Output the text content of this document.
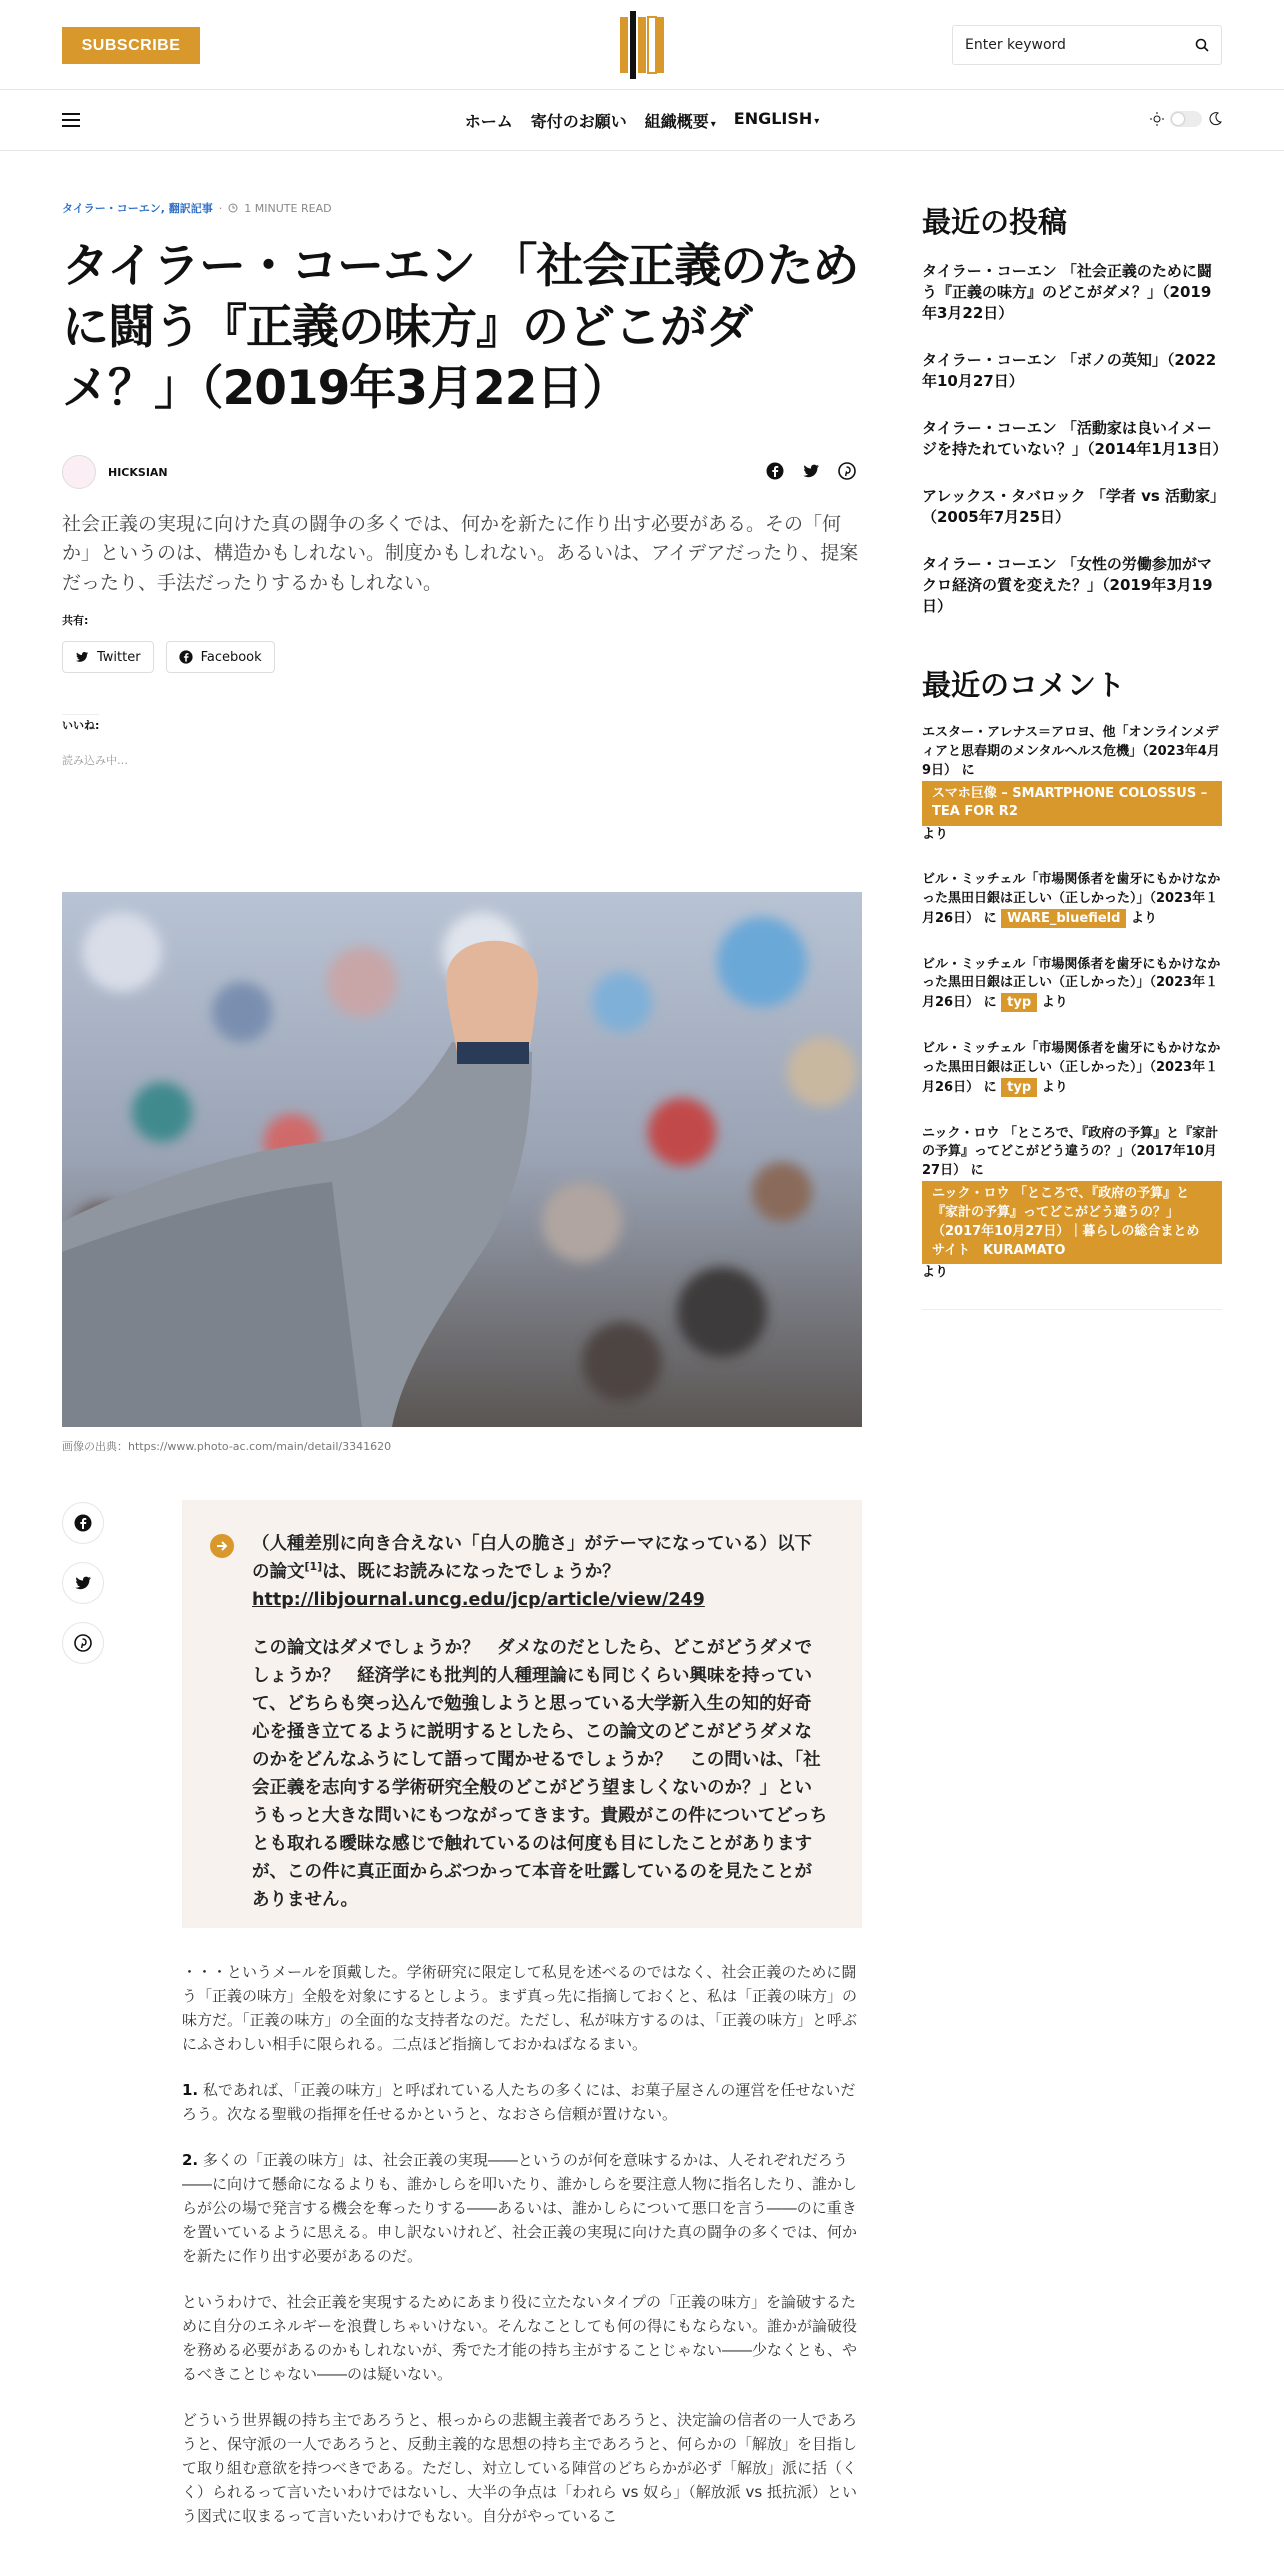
SUBSCRIBE	Enter keyword
ホーム 寄付のお願い 組織概要 ▾ ENGLISH ▾
タイラー・コーエン, 翻訳記事 · 1 MINUTE READ
タイラー・コーエン 「社会正義のために闘う『正義の味方』のどこがダメ？」（2019年3月22日）
HICKSIAN

社会正義の実現に向けた真の闘争の多くでは、何かを新たに作り出す必要がある。その「何か」というのは、構造かもしれない。制度かもしれない。あるいは、アイデアだったり、提案だったり、手法だったりするかもしれない。

共有:
Twitter	Facebook
いいね:
読み込み中…
画像の出典：https://www.photo-ac.com/main/detail/3341620

（人種差別に向き合えない「白人の脆さ」がテーマになっている）以下の論文[1]は、既にお読みになったでしょうか？
http://libjournal.uncg.edu/jcp/article/view/249

この論文はダメでしょうか？　ダメなのだとしたら、どこがどうダメでしょうか？　経済学にも批判的人種理論にも同じくらい興味を持っていて、どちらも突っ込んで勉強しようと思っている大学新入生の知的好奇心を掻き立てるように説明するとしたら、この論文のどこがどうダメなのかをどんなふうにして語って聞かせるでしょうか？　この問いは、「社会正義を志向する学術研究全般のどこがどう望ましくないのか？」というもっと大きな問いにもつながってきます。貴殿がこの件についてどっちとも取れる曖昧な感じで触れているのは何度も目にしたことがありますが、この件に真正面からぶつかって本音を吐露しているのを見たことがありません。

・・・というメールを頂戴した。学術研究に限定して私見を述べるのではなく、社会正義のために闘う「正義の味方」全般を対象にするとしよう。まず真っ先に指摘しておくと、私は「正義の味方」の味方だ。「正義の味方」の全面的な支持者なのだ。ただし、私が味方するのは、「正義の味方」と呼ぶにふさわしい相手に限られる。二点ほど指摘しておかねばなるまい。

1. 私であれば、「正義の味方」と呼ばれている人たちの多くには、お菓子屋さんの運営を任せないだろう。次なる聖戦の指揮を任せるかというと、なおさら信頼が置けない。

2. 多くの「正義の味方」は、社会正義の実現――というのが何を意味するかは、人それぞれだろう――に向けて懸命になるよりも、誰かしらを叩いたり、誰かしらを要注意人物に指名したり、誰かしらが公の場で発言する機会を奪ったりする――あるいは、誰かしらについて悪口を言う――のに重きを置いているように思える。申し訳ないけれど、社会正義の実現に向けた真の闘争の多くでは、何かを新たに作り出す必要があるのだ。

というわけで、社会正義を実現するためにあまり役に立たないタイプの「正義の味方」を論破するために自分のエネルギーを浪費しちゃいけない。そんなことしても何の得にもならない。誰かが論破役を務める必要があるのかもしれないが、秀でた才能の持ち主がすることじゃない――少なくとも、やるべきことじゃない――のは疑いない。

どういう世界観の持ち主であろうと、根っからの悲観主義者であろうと、決定論の信者の一人であろうと、保守派の一人であろうと、反動主義的な思想の持ち主であろうと、何らかの「解放」を目指して取り組む意欲を持つべきである。ただし、対立している陣営のどちらかが必ず「解放」派に括（くく）られるって言いたいわけではないし、大半の争点は「われら vs 奴ら」（解放派 vs 抵抗派）という図式に収まるって言いたいわけでもない。自分がやっているこ

最近の投稿
タイラー・コーエン 「社会正義のために闘う『正義の味方』のどこがダメ？」（2019年3月22日）
タイラー・コーエン 「ボノの英知」（2022年10月27日）
タイラー・コーエン 「活動家は良いイメージを持たれていない？」（2014年1月13日）
アレックス・タバロック 「学者 vs 活動家」（2005年7月25日）
タイラー・コーエン 「女性の労働参加がマクロ経済の質を変えた？」（2019年3月19日）
最近のコメント
エスター・アレナス＝アロヨ、他「オンラインメディアと思春期のメンタルヘルス危機」（2023年4月9日） に
スマホ巨像 – SMARTPHONE COLOSSUS – TEA FOR R2
より
ビル・ミッチェル「市場関係者を歯牙にもかけなかった黒田日銀は正しい（正しかった）」（2023年１月26日） に WARE_bluefield より
ビル・ミッチェル「市場関係者を歯牙にもかけなかった黒田日銀は正しい（正しかった）」（2023年１月26日） に typ より
ビル・ミッチェル「市場関係者を歯牙にもかけなかった黒田日銀は正しい（正しかった）」（2023年１月26日） に typ より
ニック・ロウ 「ところで、『政府の予算』と『家計の予算』ってどこがどう違うの？」（2017年10月27日） に
ニック・ロウ 「ところで、『政府の予算』と『家計の予算』ってどこがどう違うの？」（2017年10月27日）｜暮らしの総合まとめサイト　KURAMATO
より
